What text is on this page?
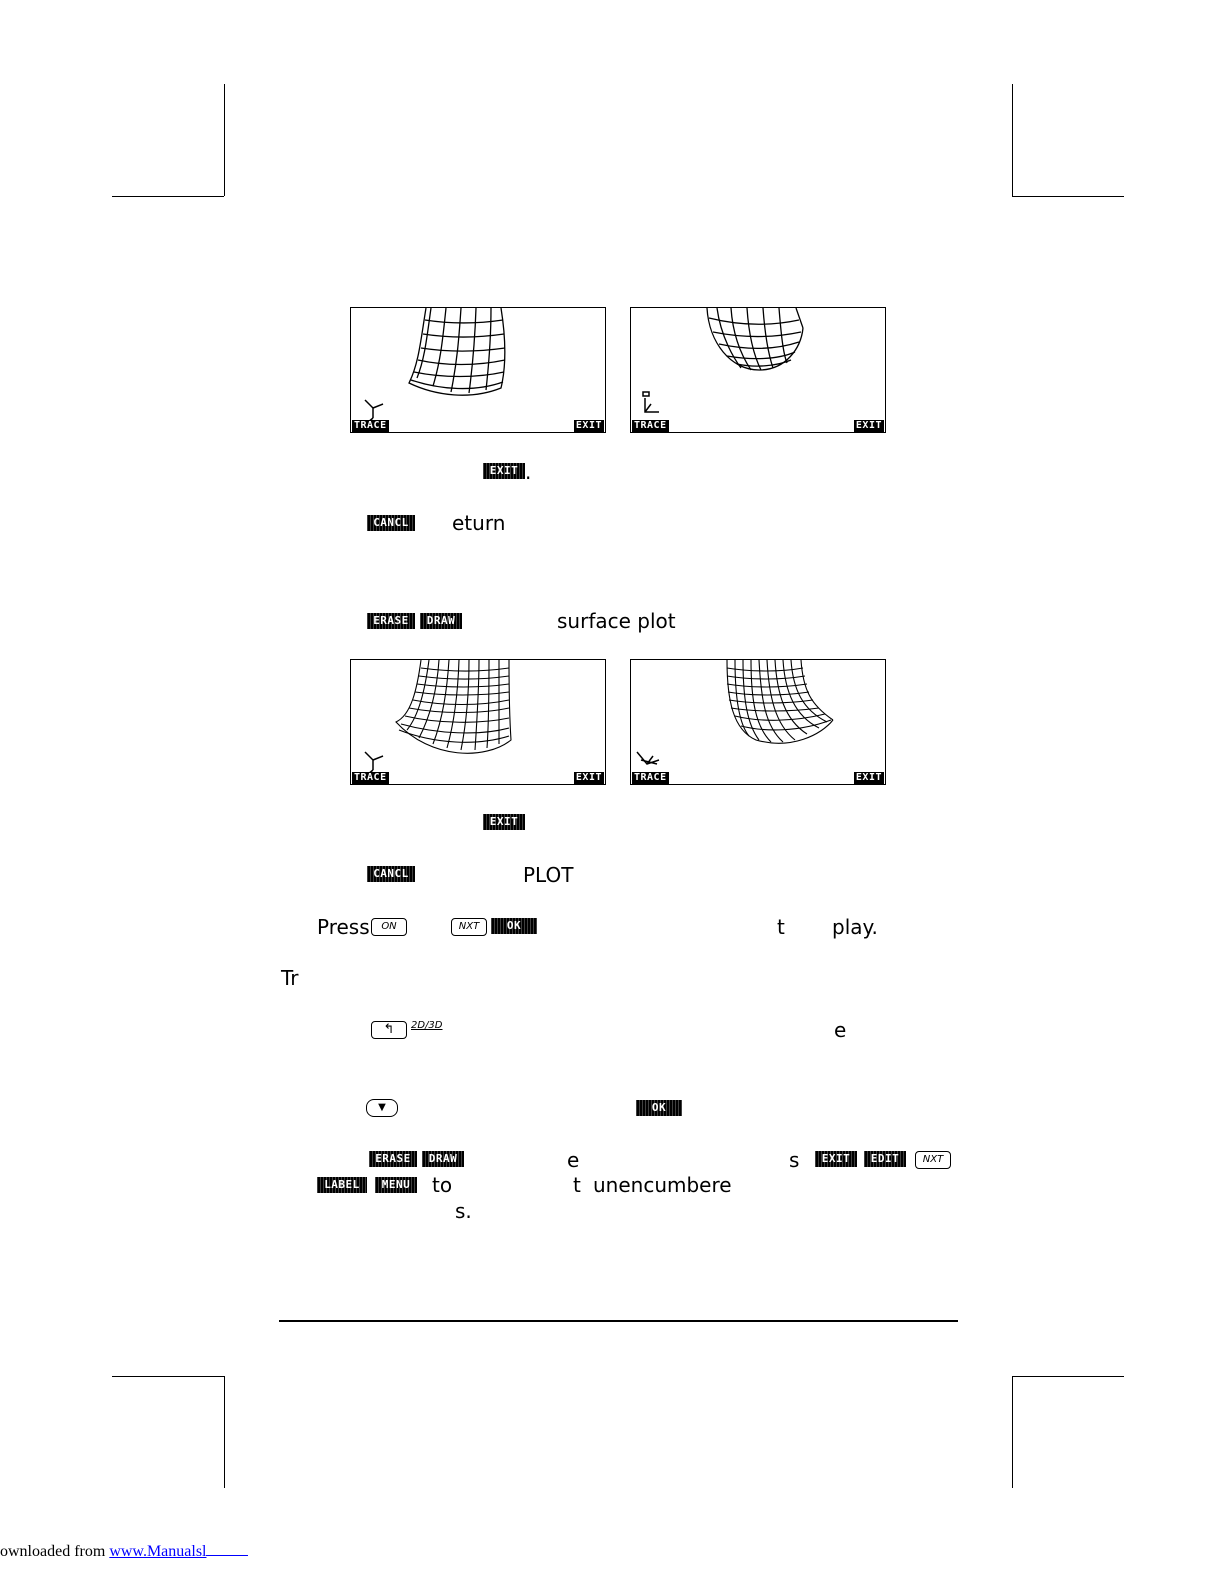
TRACE	EXIT	TRACE	EXIT
EXIT .
CANCL	eturn
ERASE	DRAW	surface plot
TRACE	EXIT	TRACE	EXIT
EXIT
CANCL	PLOT
Press	ON	NXT	OK	t play.
Tr
↰	2D/3D	e
▼	OK
ERASE	DRAW	e	s	EXIT	EDIT	NXT
LABEL	MENU	to	t unencumbere
s.
ownloaded from www.Manualsl
